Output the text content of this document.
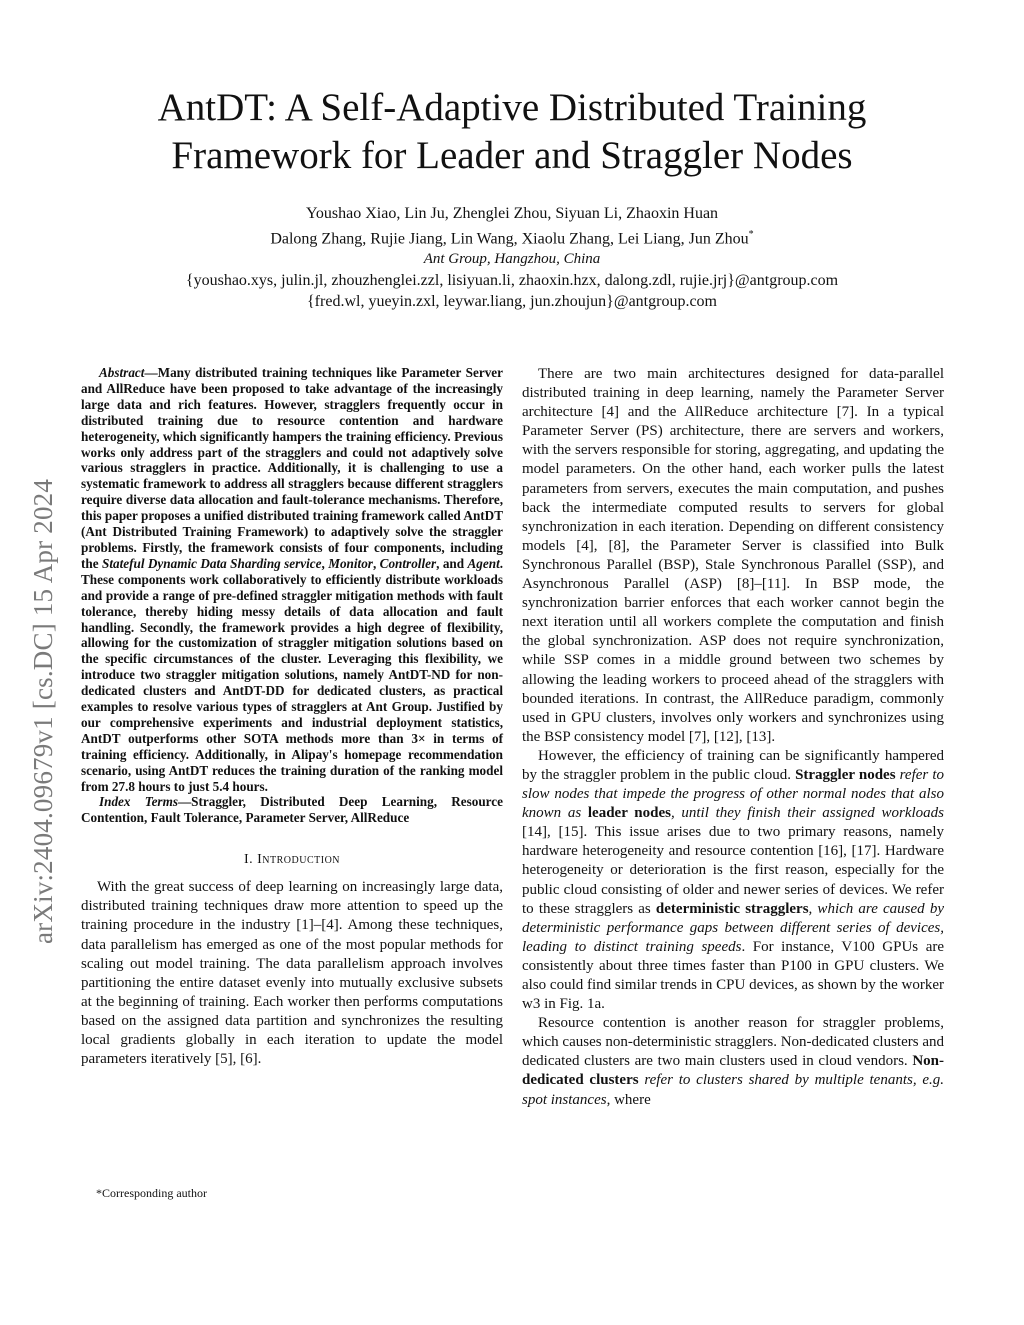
AntDT: A Self-Adaptive Distributed Training
Framework for Leader and Straggler Nodes
Youshao Xiao, Lin Ju, Zhenglei Zhou, Siyuan Li, Zhaoxin Huan
Dalong Zhang, Rujie Jiang, Lin Wang, Xiaolu Zhang, Lei Liang, Jun Zhou*
Ant Group, Hangzhou, China
{youshao.xys, julin.jl, zhouzhenglei.zzl, lisiyuan.li, zhaoxin.hzx, dalong.zdl, rujie.jrj}@antgroup.com
{fred.wl, yueyin.zxl, leywar.liang, jun.zhoujun}@antgroup.com
arXiv:2404.09679v1 [cs.DC] 15 Apr 2024

Abstract—Many distributed training techniques like Parameter Server and AllReduce have been proposed to take advantage of the increasingly large data and rich features. However, stragglers frequently occur in distributed training due to resource contention and hardware heterogeneity, which significantly hampers the training efficiency. Previous works only address part of the stragglers and could not adaptively solve various stragglers in practice. Additionally, it is challenging to use a systematic framework to address all stragglers because different stragglers require diverse data allocation and fault-tolerance mechanisms. Therefore, this paper proposes a unified distributed training framework called AntDT (Ant Distributed Training Framework) to adaptively solve the straggler problems. Firstly, the framework consists of four components, including the Stateful Dynamic Data Sharding service, Monitor, Controller, and Agent. These components work collaboratively to efficiently distribute workloads and provide a range of pre-defined straggler mitigation methods with fault tolerance, thereby hiding messy details of data allocation and fault handling. Secondly, the framework provides a high degree of flexibility, allowing for the customization of straggler mitigation solutions based on the specific circumstances of the cluster. Leveraging this flexibility, we introduce two straggler mitigation solutions, namely AntDT-ND for non-dedicated clusters and AntDT-DD for dedicated clusters, as practical examples to resolve various types of stragglers at Ant Group. Justified by our comprehensive experiments and industrial deployment statistics, AntDT outperforms other SOTA methods more than 3× in terms of training efficiency. Additionally, in Alipay's homepage recommendation scenario, using AntDT reduces the training duration of the ranking model from 27.8 hours to just 5.4 hours.

Index Terms—Straggler, Distributed Deep Learning, Resource Contention, Fault Tolerance, Parameter Server, AllReduce

I. Introduction

With the great success of deep learning on increasingly large data, distributed training techniques draw more attention to speed up the training procedure in the industry [1]–[4]. Among these techniques, data parallelism has emerged as one of the most popular methods for scaling out model training. The data parallelism approach involves partitioning the entire dataset evenly into mutually exclusive subsets at the beginning of training. Each worker then performs computations based on the assigned data partition and synchronizes the resulting local gradients globally in each iteration to update the model parameters iteratively [5], [6].

*Corresponding author

There are two main architectures designed for data-parallel distributed training in deep learning, namely the Parameter Server architecture [4] and the AllReduce architecture [7]. In a typical Parameter Server (PS) architecture, there are servers and workers, with the servers responsible for storing, aggregating, and updating the model parameters. On the other hand, each worker pulls the latest parameters from servers, executes the main computation, and pushes back the intermediate computed results to servers for global synchronization in each iteration. Depending on different consistency models [4], [8], the Parameter Server is classified into Bulk Synchronous Parallel (BSP), Stale Synchronous Parallel (SSP), and Asynchronous Parallel (ASP) [8]–[11]. In BSP mode, the synchronization barrier enforces that each worker cannot begin the next iteration until all workers complete the computation and finish the global synchronization. ASP does not require synchronization, while SSP comes in a middle ground between two schemes by allowing the leading workers to proceed ahead of the stragglers with bounded iterations. In contrast, the AllReduce paradigm, commonly used in GPU clusters, involves only workers and synchronizes using the BSP consistency model [7], [12], [13].

However, the efficiency of training can be significantly hampered by the straggler problem in the public cloud. Straggler nodes refer to slow nodes that impede the progress of other normal nodes that also known as leader nodes, until they finish their assigned workloads [14], [15]. This issue arises due to two primary reasons, namely hardware heterogeneity and resource contention [16], [17]. Hardware heterogeneity or deterioration is the first reason, especially for the public cloud consisting of older and newer series of devices. We refer to these stragglers as deterministic stragglers, which are caused by deterministic performance gaps between different series of devices, leading to distinct training speeds. For instance, V100 GPUs are consistently about three times faster than P100 in GPU clusters. We also could find similar trends in CPU devices, as shown by the worker w3 in Fig. 1a.

Resource contention is another reason for straggler problems, which causes non-deterministic stragglers. Non-dedicated clusters and dedicated clusters are two main clusters used in cloud vendors. Non-dedicated clusters refer to clusters shared by multiple tenants, e.g. spot instances, where
